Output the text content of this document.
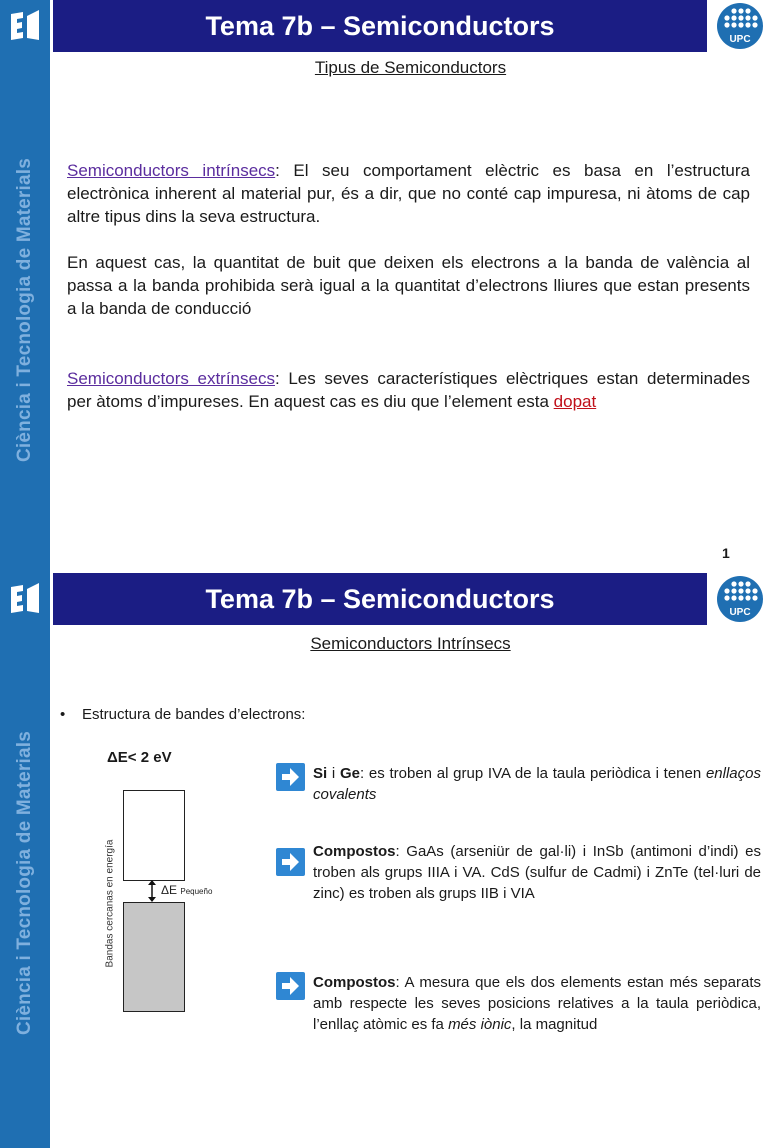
Ciència i Tecnologia de Materials
Tema 7b – Semiconductors	UPC
Tipus de Semiconductors
Semiconductors intrínsecs: El seu comportament elèctric es basa en l’estructura electrònica inherent al material pur, és a dir, que no conté cap impuresa, ni àtoms de cap altre tipus dins la seva estructura.
En aquest cas, la quantitat de buit que deixen els electrons a la banda de valència al passa a la banda prohibida serà igual a la quantitat d’electrons lliures que estan presents a la banda de conducció
Semiconductors extrínsecs: Les seves característiques elèctriques estan determinades per àtoms d’impureses. En aquest cas es diu que l’element esta dopat
1
Ciència i Tecnologia de Materials
Tema 7b – Semiconductors	UPC
Semiconductors Intrínsecs
• Estructura de bandes d’electrons:
ΔE< 2 eV
Bandas cercanas en energía	ΔE Pequeño
Si i Ge: es troben al grup IVA de la taula periòdica i tenen enllaços covalents
Compostos: GaAs (arseniür de gal·li) i InSb (antimoni d’indi) es troben als grups IIIA i VA. CdS (sulfur de Cadmi) i ZnTe (tel·luri de zinc) es troben als grups IIB i VIA
Compostos: A mesura que els dos elements estan més separats amb respecte les seves posicions relatives a la taula periòdica, l’enllaç atòmic es fa més iònic, la magnitud
